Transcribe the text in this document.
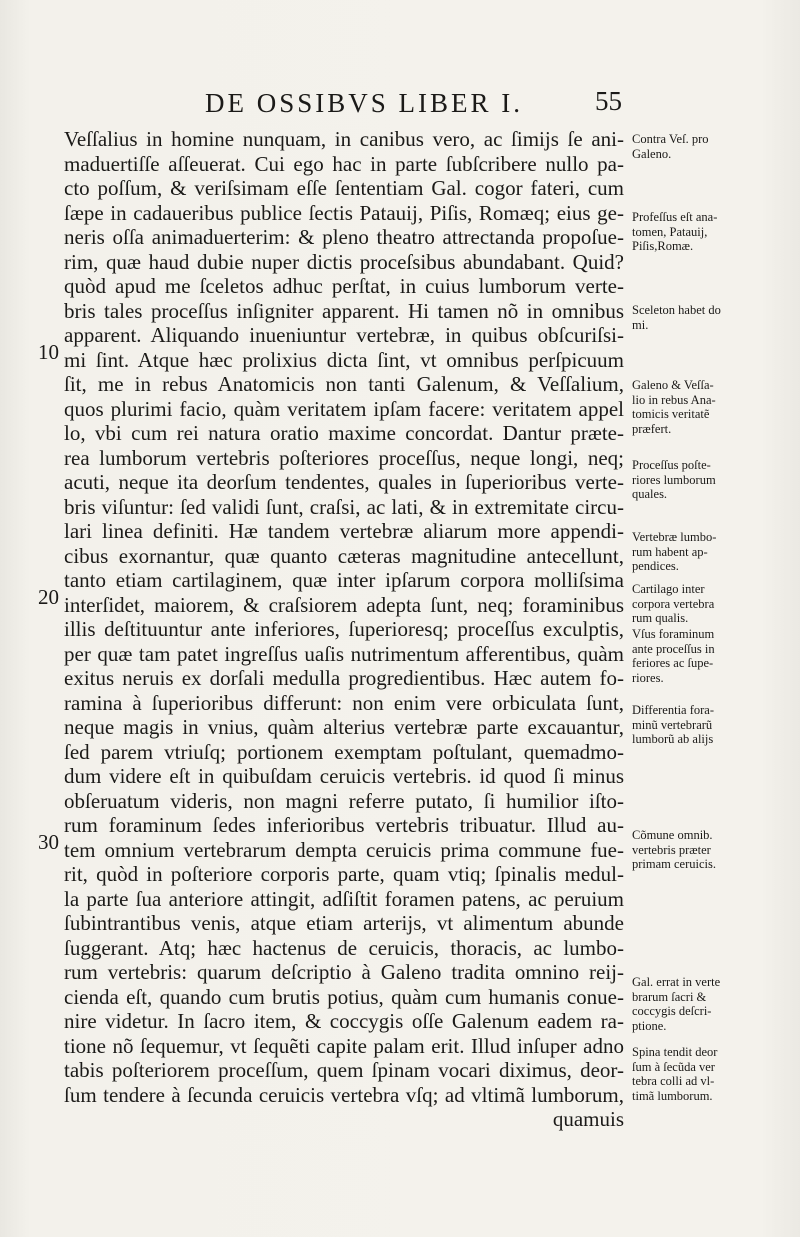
DE OSSIBVS LIBER I.	55
Veſſalius in homine nunquam, in canibus vero, ac ſimijs ſe ani-
maduertiſſe aſſeuerat. Cui ego hac in parte ſubſcribere nullo pa-
cto poſſum, & veriſsimam eſſe ſententiam Gal. cogor fateri, cum
ſæpe in cadaueribus publice ſectis Patauij, Piſis, Romæq; eius ge-
neris oſſa animaduerterim: & pleno theatro attrectanda propoſue-
rim, quæ haud dubie nuper dictis proceſsibus abundabant. Quid?
quòd apud me ſceletos adhuc perſtat, in cuius lumborum verte-
bris tales proceſſus inſigniter apparent. Hi tamen nõ in omnibus
apparent. Aliquando inueniuntur vertebræ, in quibus obſcuriſsi-
mi ſint. Atque hæc prolixius dicta ſint, vt omnibus perſpicuum
ſit, me in rebus Anatomicis non tanti Galenum, & Veſſalium,
quos plurimi facio, quàm veritatem ipſam facere: veritatem appel
lo, vbi cum rei natura oratio maxime concordat. Dantur præte-
rea lumborum vertebris poſteriores proceſſus, neque longi, neq;
acuti, neque ita deorſum tendentes, quales in ſuperioribus verte-
bris viſuntur: ſed validi ſunt, craſsi, ac lati, & in extremitate circu-
lari linea definiti. Hæ tandem vertebræ aliarum more appendi-
cibus exornantur, quæ quanto cæteras magnitudine antecellunt,
tanto etiam cartilaginem, quæ inter ipſarum corpora molliſsima
interſidet, maiorem, & craſsiorem adepta ſunt, neq; foraminibus
illis deſtituuntur ante inferiores, ſuperioresq; proceſſus exculptis,
per quæ tam patet ingreſſus uaſis nutrimentum afferentibus, quàm
exitus neruis ex dorſali medulla progredientibus. Hæc autem fo-
ramina à ſuperioribus differunt: non enim vere orbiculata ſunt,
neque magis in vnius, quàm alterius vertebræ parte excauantur,
ſed parem vtriuſq; portionem exemptam poſtulant, quemadmo-
dum videre eſt in quibuſdam ceruicis vertebris. id quod ſi minus
obſeruatum videris, non magni referre putato, ſi humilior iſto-
rum foraminum ſedes inferioribus vertebris tribuatur. Illud au-
tem omnium vertebrarum dempta ceruicis prima commune fue-
rit, quòd in poſteriore corporis parte, quam vtiq; ſpinalis medul-
la parte ſua anteriore attingit, adſiſtit foramen patens, ac peruium
ſubintrantibus venis, atque etiam arterijs, vt alimentum abunde
ſuggerant. Atq; hæc hactenus de ceruicis, thoracis, ac lumbo-
rum vertebris: quarum deſcriptio à Galeno tradita omnino reij-
cienda eſt, quando cum brutis potius, quàm cum humanis conue-
nire videtur. In ſacro item, & coccygis oſſe Galenum eadem ra-
tione nõ ſequemur, vt ſequẽti capite palam erit. Illud inſuper adno
tabis poſteriorem proceſſum, quem ſpinam vocari diximus, deor-
ſum tendere à ſecunda ceruicis vertebra vſq; ad vltimã lumborum,
quamuis
10
20
30
Contra Veſ. pro
Galeno.
Profeſſus eſt ana-
tomen, Patauij,
Piſis,Romæ.
Sceleton habet do
mi.
Galeno & Veſſa-
lio in rebus Ana-
tomicis veritatẽ
præfert.
Proceſſus poſte-
riores lumborum
quales.
Vertebræ lumbo-
rum habent ap-
pendices.
Cartilago inter
corpora vertebra
rum qualis.
Vſus foraminum
ante proceſſus in
feriores ac ſupe-
riores.
Differentia fora-
minũ vertebrarũ
lumborũ ab alijs
Cõmune omnib.
vertebris præter
primam ceruicis.
Gal. errat in verte
brarum ſacri &
coccygis deſcri-
ptione.
Spina tendit deor
ſum à ſecũda ver
tebra colli ad vl-
timã lumborum.
